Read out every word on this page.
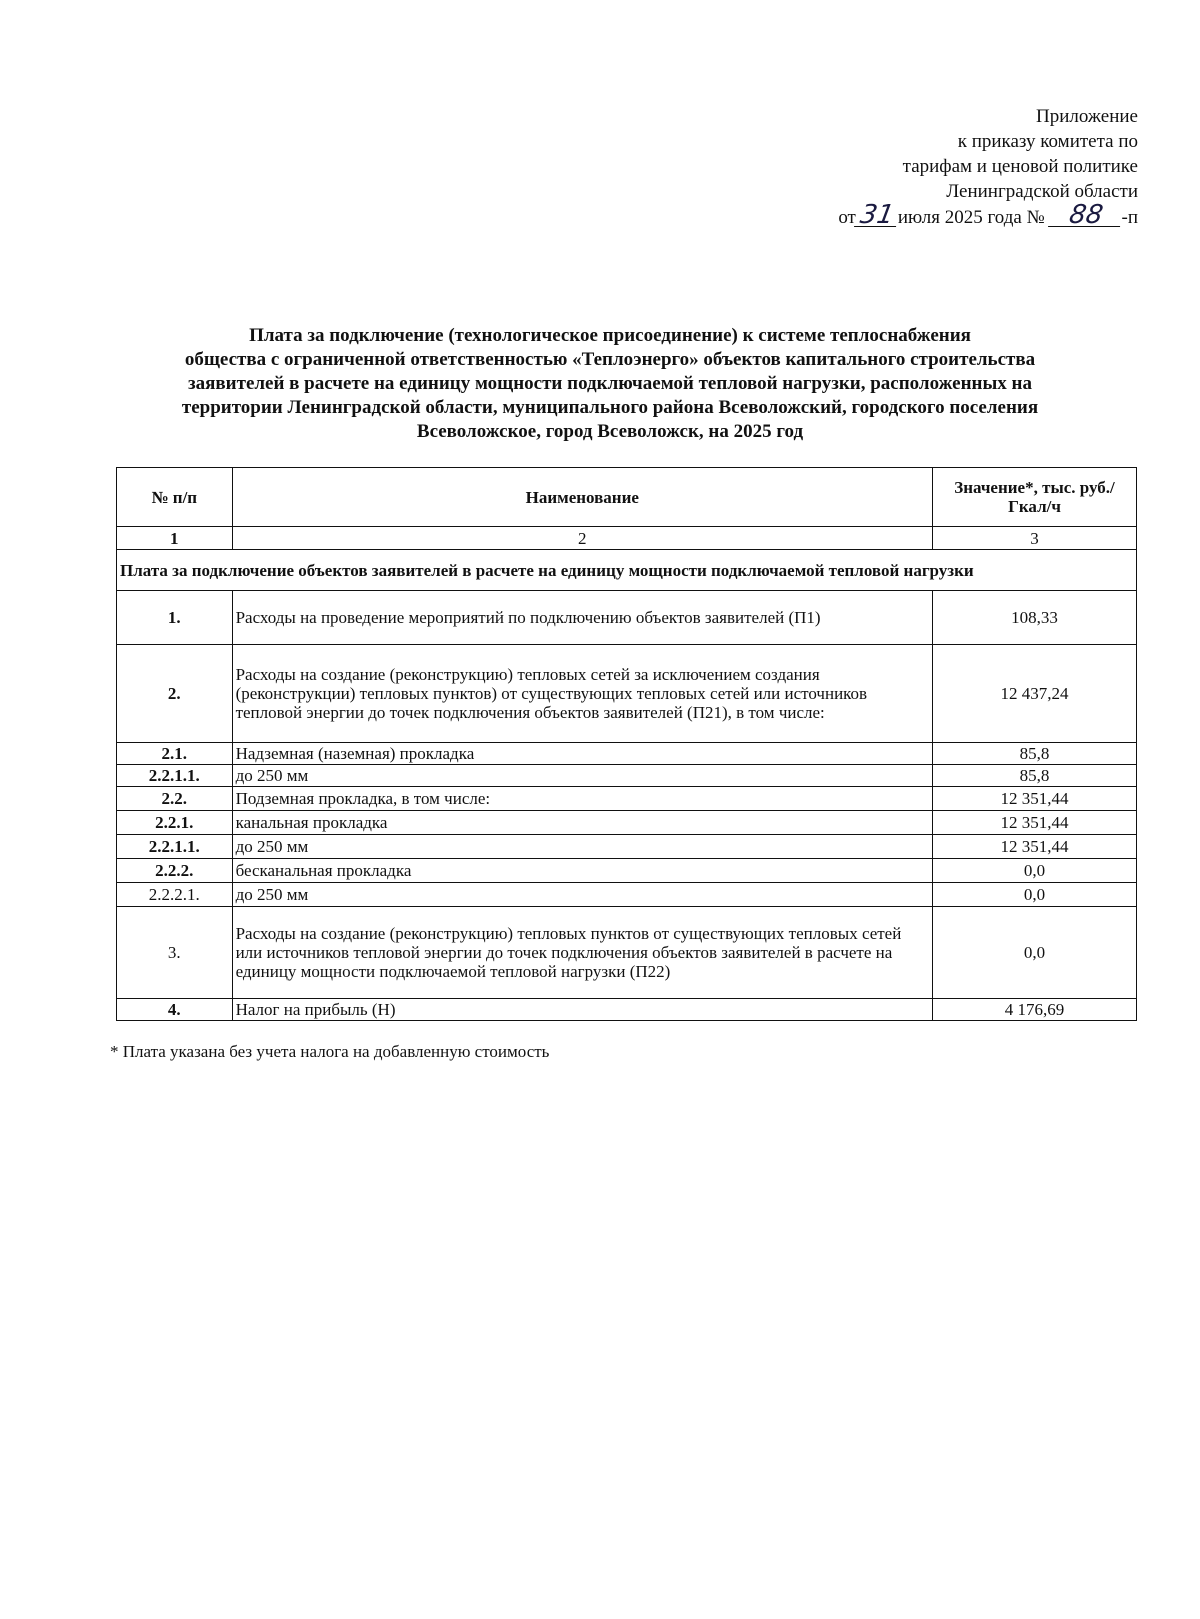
Приложение
к приказу комитета по
тарифам и ценовой политике
Ленинградской области
от31июля 2025 года № 88 -п
Плата за подключение (технологическое присоединение) к системе теплоснабжения
общества с ограниченной ответственностью «Теплоэнерго» объектов капитального строительства
заявителей в расчете на единицу мощности подключаемой тепловой нагрузки, расположенных на
территории Ленинградской области, муниципального района Всеволожский, городского поселения
Всеволожское, город Всеволожск, на 2025 год
№ п/п	Наименование	Значение*, тыс. руб./Гкал/ч
1	2	3
Плата за подключение объектов заявителей в расчете на единицу мощности подключаемой тепловой нагрузки		
1.	Расходы на проведение мероприятий по подключению объектов заявителей (П1)	108,33
2.	Расходы на создание (реконструкцию) тепловых сетей за исключением создания (реконструкции) тепловых пунктов) от существующих тепловых сетей или источников тепловой энергии до точек подключения объектов заявителей (П21), в том числе:	12 437,24
2.1.	Надземная (наземная) прокладка	85,8
2.2.1.1.	до 250 мм	85,8
2.2.	Подземная прокладка, в том числе:	12 351,44
2.2.1.	канальная прокладка	12 351,44
2.2.1.1.	до 250 мм	12 351,44
2.2.2.	бесканальная прокладка	0,0
2.2.2.1.	до 250 мм	0,0
3.	Расходы на создание (реконструкцию) тепловых пунктов от существующих тепловых сетей или источников тепловой энергии до точек подключения объектов заявителей в расчете на единицу мощности подключаемой тепловой нагрузки (П22)	0,0
4.	Налог на прибыль (Н)	4 176,69
* Плата указана без учета налога на добавленную стоимость
